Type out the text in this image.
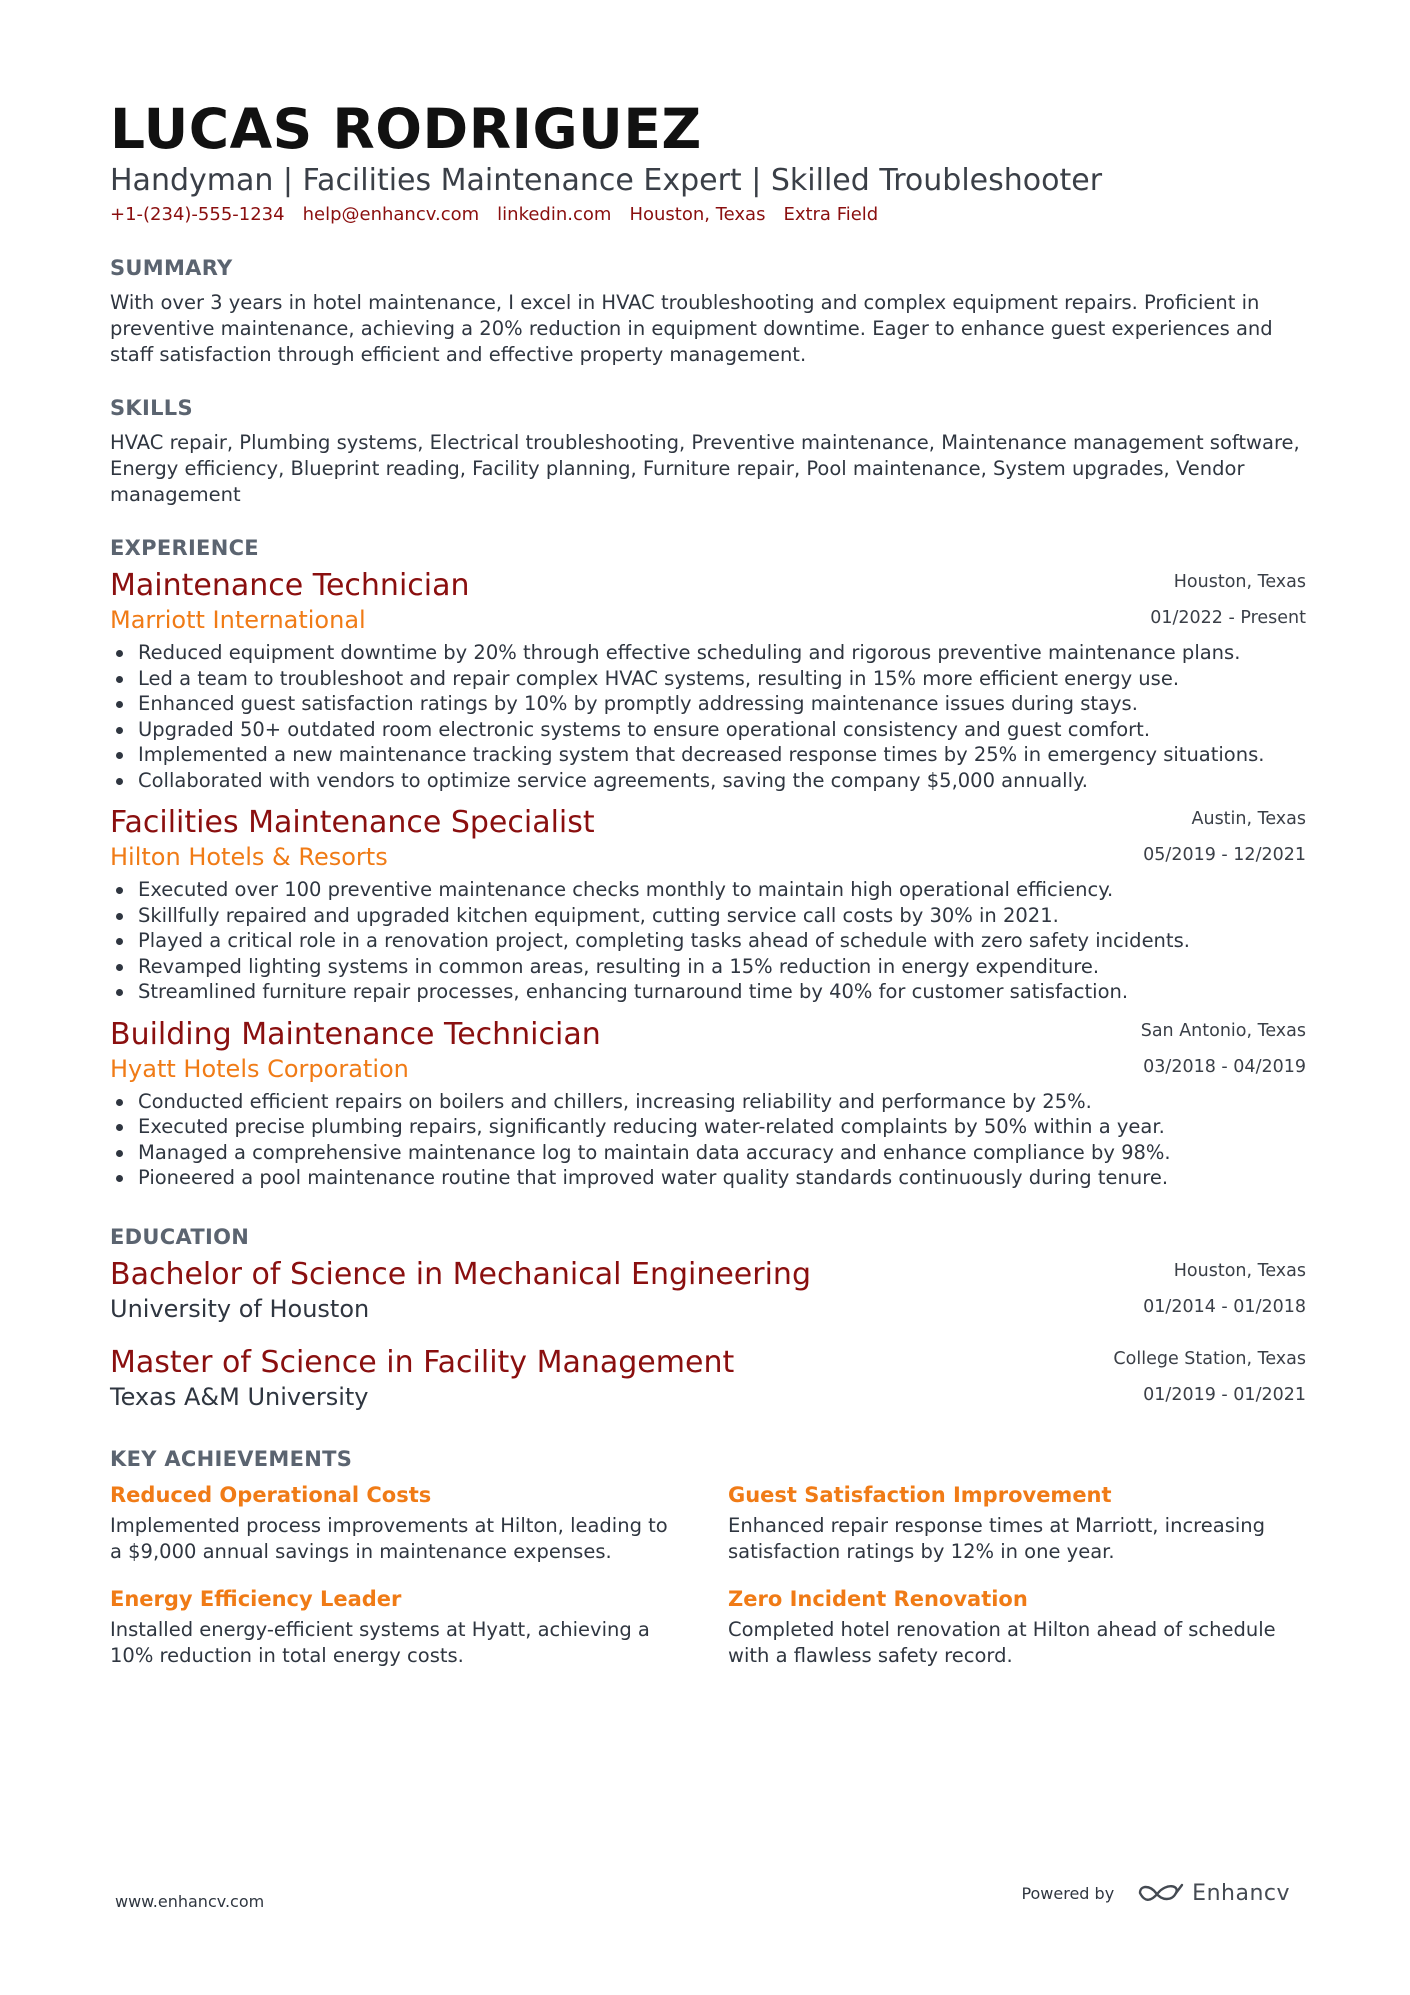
LUCAS RODRIGUEZ
Handyman | Facilities Maintenance Expert | Skilled Troubleshooter
+1-(234)-555-1234 help@enhancv.com linkedin.com Houston, Texas Extra Field
SUMMARY
With over 3 years in hotel maintenance, I excel in HVAC troubleshooting and complex equipment repairs. Proficient in preventive maintenance, achieving a 20% reduction in equipment downtime. Eager to enhance guest experiences and staff satisfaction through efficient and effective property management.
SKILLS
HVAC repair, Plumbing systems, Electrical troubleshooting, Preventive maintenance, Maintenance management software, Energy efficiency, Blueprint reading, Facility planning, Furniture repair, Pool maintenance, System upgrades, Vendor management
EXPERIENCE
Maintenance Technician
Marriott International
Houston, Texas
01/2022 - Present
Reduced equipment downtime by 20% through effective scheduling and rigorous preventive maintenance plans.
Led a team to troubleshoot and repair complex HVAC systems, resulting in 15% more efficient energy use.
Enhanced guest satisfaction ratings by 10% by promptly addressing maintenance issues during stays.
Upgraded 50+ outdated room electronic systems to ensure operational consistency and guest comfort.
Implemented a new maintenance tracking system that decreased response times by 25% in emergency situations.
Collaborated with vendors to optimize service agreements, saving the company $5,000 annually.
Facilities Maintenance Specialist
Hilton Hotels & Resorts
Austin, Texas
05/2019 - 12/2021
Executed over 100 preventive maintenance checks monthly to maintain high operational efficiency.
Skillfully repaired and upgraded kitchen equipment, cutting service call costs by 30% in 2021.
Played a critical role in a renovation project, completing tasks ahead of schedule with zero safety incidents.
Revamped lighting systems in common areas, resulting in a 15% reduction in energy expenditure.
Streamlined furniture repair processes, enhancing turnaround time by 40% for customer satisfaction.
Building Maintenance Technician
Hyatt Hotels Corporation
San Antonio, Texas
03/2018 - 04/2019
Conducted efficient repairs on boilers and chillers, increasing reliability and performance by 25%.
Executed precise plumbing repairs, significantly reducing water-related complaints by 50% within a year.
Managed a comprehensive maintenance log to maintain data accuracy and enhance compliance by 98%.
Pioneered a pool maintenance routine that improved water quality standards continuously during tenure.
EDUCATION
Bachelor of Science in Mechanical Engineering
University of Houston
Houston, Texas
01/2014 - 01/2018
Master of Science in Facility Management
Texas A&M University
College Station, Texas
01/2019 - 01/2021
KEY ACHIEVEMENTS
Reduced Operational Costs
Implemented process improvements at Hilton, leading to a $9,000 annual savings in maintenance expenses.
Guest Satisfaction Improvement
Enhanced repair response times at Marriott, increasing satisfaction ratings by 12% in one year.
Energy Efficiency Leader
Installed energy-efficient systems at Hyatt, achieving a 10% reduction in total energy costs.
Zero Incident Renovation
Completed hotel renovation at Hilton ahead of schedule with a flawless safety record.
www.enhancv.com	Powered by	Enhancv
